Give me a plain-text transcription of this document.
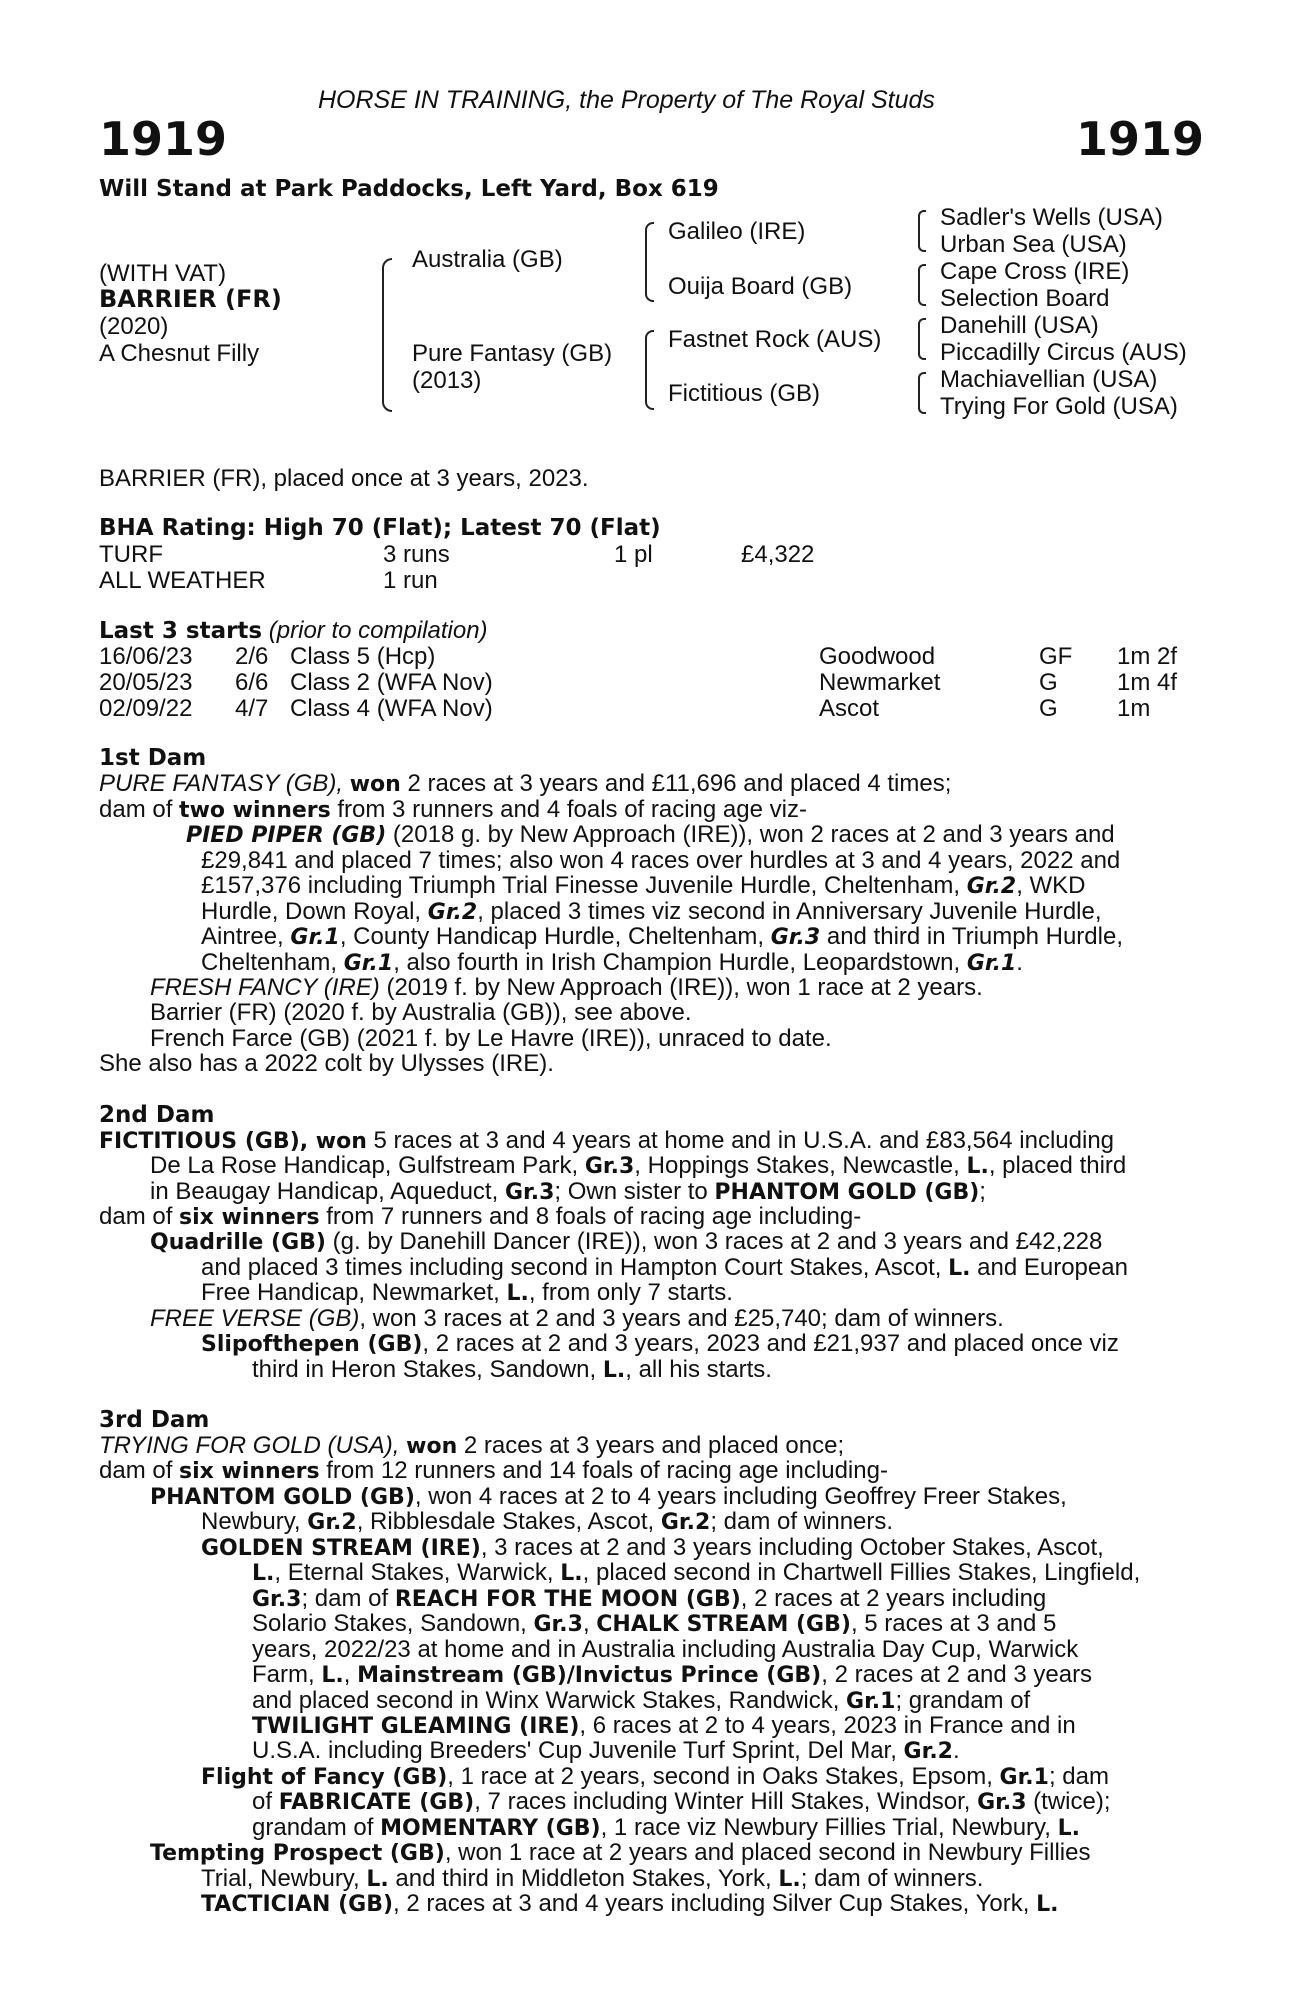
HORSE IN TRAINING, the Property of The Royal Studs
1919	1919
Will Stand at Park Paddocks, Left Yard, Box 619
(WITH VAT)
BARRIER (FR)
(2020)
A Chesnut Filly
Australia (GB)
Pure Fantasy (GB)
(2013)
Galileo (IRE)
Ouija Board (GB)
Fastnet Rock (AUS)
Fictitious (GB)
Sadler's Wells (USA)
Urban Sea (USA)
Cape Cross (IRE)
Selection Board
Danehill (USA)
Piccadilly Circus (AUS)
Machiavellian (USA)
Trying For Gold (USA)
BARRIER (FR), placed once at 3 years, 2023.
BHA Rating: High 70 (Flat); Latest 70 (Flat)
TURF	3 runs	1 pl	£4,322
ALL WEATHER	1 run
Last 3 starts (prior to compilation)
16/06/23 2/6 Class 5 (Hcp)	Goodwood	GF 1m 2f
20/05/23 6/6 Class 2 (WFA Nov)	Newmarket	G 1m 4f
02/09/22 4/7 Class 4 (WFA Nov)	Ascot	G 1m
1st Dam
PURE FANTASY (GB), won 2 races at 3 years and £11,696 and placed 4 times;
dam of two winners from 3 runners and 4 foals of racing age viz-
PIED PIPER (GB) (2018 g. by New Approach (IRE)), won 2 races at 2 and 3 years and
£29,841 and placed 7 times; also won 4 races over hurdles at 3 and 4 years, 2022 and
£157,376 including Triumph Trial Finesse Juvenile Hurdle, Cheltenham, Gr.2, WKD
Hurdle, Down Royal, Gr.2, placed 3 times viz second in Anniversary Juvenile Hurdle,
Aintree, Gr.1, County Handicap Hurdle, Cheltenham, Gr.3 and third in Triumph Hurdle,
Cheltenham, Gr.1, also fourth in Irish Champion Hurdle, Leopardstown, Gr.1.
FRESH FANCY (IRE) (2019 f. by New Approach (IRE)), won 1 race at 2 years.
Barrier (FR) (2020 f. by Australia (GB)), see above.
French Farce (GB) (2021 f. by Le Havre (IRE)), unraced to date.
She also has a 2022 colt by Ulysses (IRE).
2nd Dam
FICTITIOUS (GB), won 5 races at 3 and 4 years at home and in U.S.A. and £83,564 including
De La Rose Handicap, Gulfstream Park, Gr.3, Hoppings Stakes, Newcastle, L., placed third
in Beaugay Handicap, Aqueduct, Gr.3; Own sister to PHANTOM GOLD (GB);
dam of six winners from 7 runners and 8 foals of racing age including-
Quadrille (GB) (g. by Danehill Dancer (IRE)), won 3 races at 2 and 3 years and £42,228
and placed 3 times including second in Hampton Court Stakes, Ascot, L. and European
Free Handicap, Newmarket, L., from only 7 starts.
FREE VERSE (GB), won 3 races at 2 and 3 years and £25,740; dam of winners.
Slipofthepen (GB), 2 races at 2 and 3 years, 2023 and £21,937 and placed once viz
third in Heron Stakes, Sandown, L., all his starts.
3rd Dam
TRYING FOR GOLD (USA), won 2 races at 3 years and placed once;
dam of six winners from 12 runners and 14 foals of racing age including-
PHANTOM GOLD (GB), won 4 races at 2 to 4 years including Geoffrey Freer Stakes,
Newbury, Gr.2, Ribblesdale Stakes, Ascot, Gr.2; dam of winners.
GOLDEN STREAM (IRE), 3 races at 2 and 3 years including October Stakes, Ascot,
L., Eternal Stakes, Warwick, L., placed second in Chartwell Fillies Stakes, Lingfield,
Gr.3; dam of REACH FOR THE MOON (GB), 2 races at 2 years including
Solario Stakes, Sandown, Gr.3, CHALK STREAM (GB), 5 races at 3 and 5
years, 2022/23 at home and in Australia including Australia Day Cup, Warwick
Farm, L., Mainstream (GB)/Invictus Prince (GB), 2 races at 2 and 3 years
and placed second in Winx Warwick Stakes, Randwick, Gr.1; grandam of
TWILIGHT GLEAMING (IRE), 6 races at 2 to 4 years, 2023 in France and in
U.S.A. including Breeders' Cup Juvenile Turf Sprint, Del Mar, Gr.2.
Flight of Fancy (GB), 1 race at 2 years, second in Oaks Stakes, Epsom, Gr.1; dam
of FABRICATE (GB), 7 races including Winter Hill Stakes, Windsor, Gr.3 (twice);
grandam of MOMENTARY (GB), 1 race viz Newbury Fillies Trial, Newbury, L.
Tempting Prospect (GB), won 1 race at 2 years and placed second in Newbury Fillies
Trial, Newbury, L. and third in Middleton Stakes, York, L.; dam of winners.
TACTICIAN (GB), 2 races at 3 and 4 years including Silver Cup Stakes, York, L.
